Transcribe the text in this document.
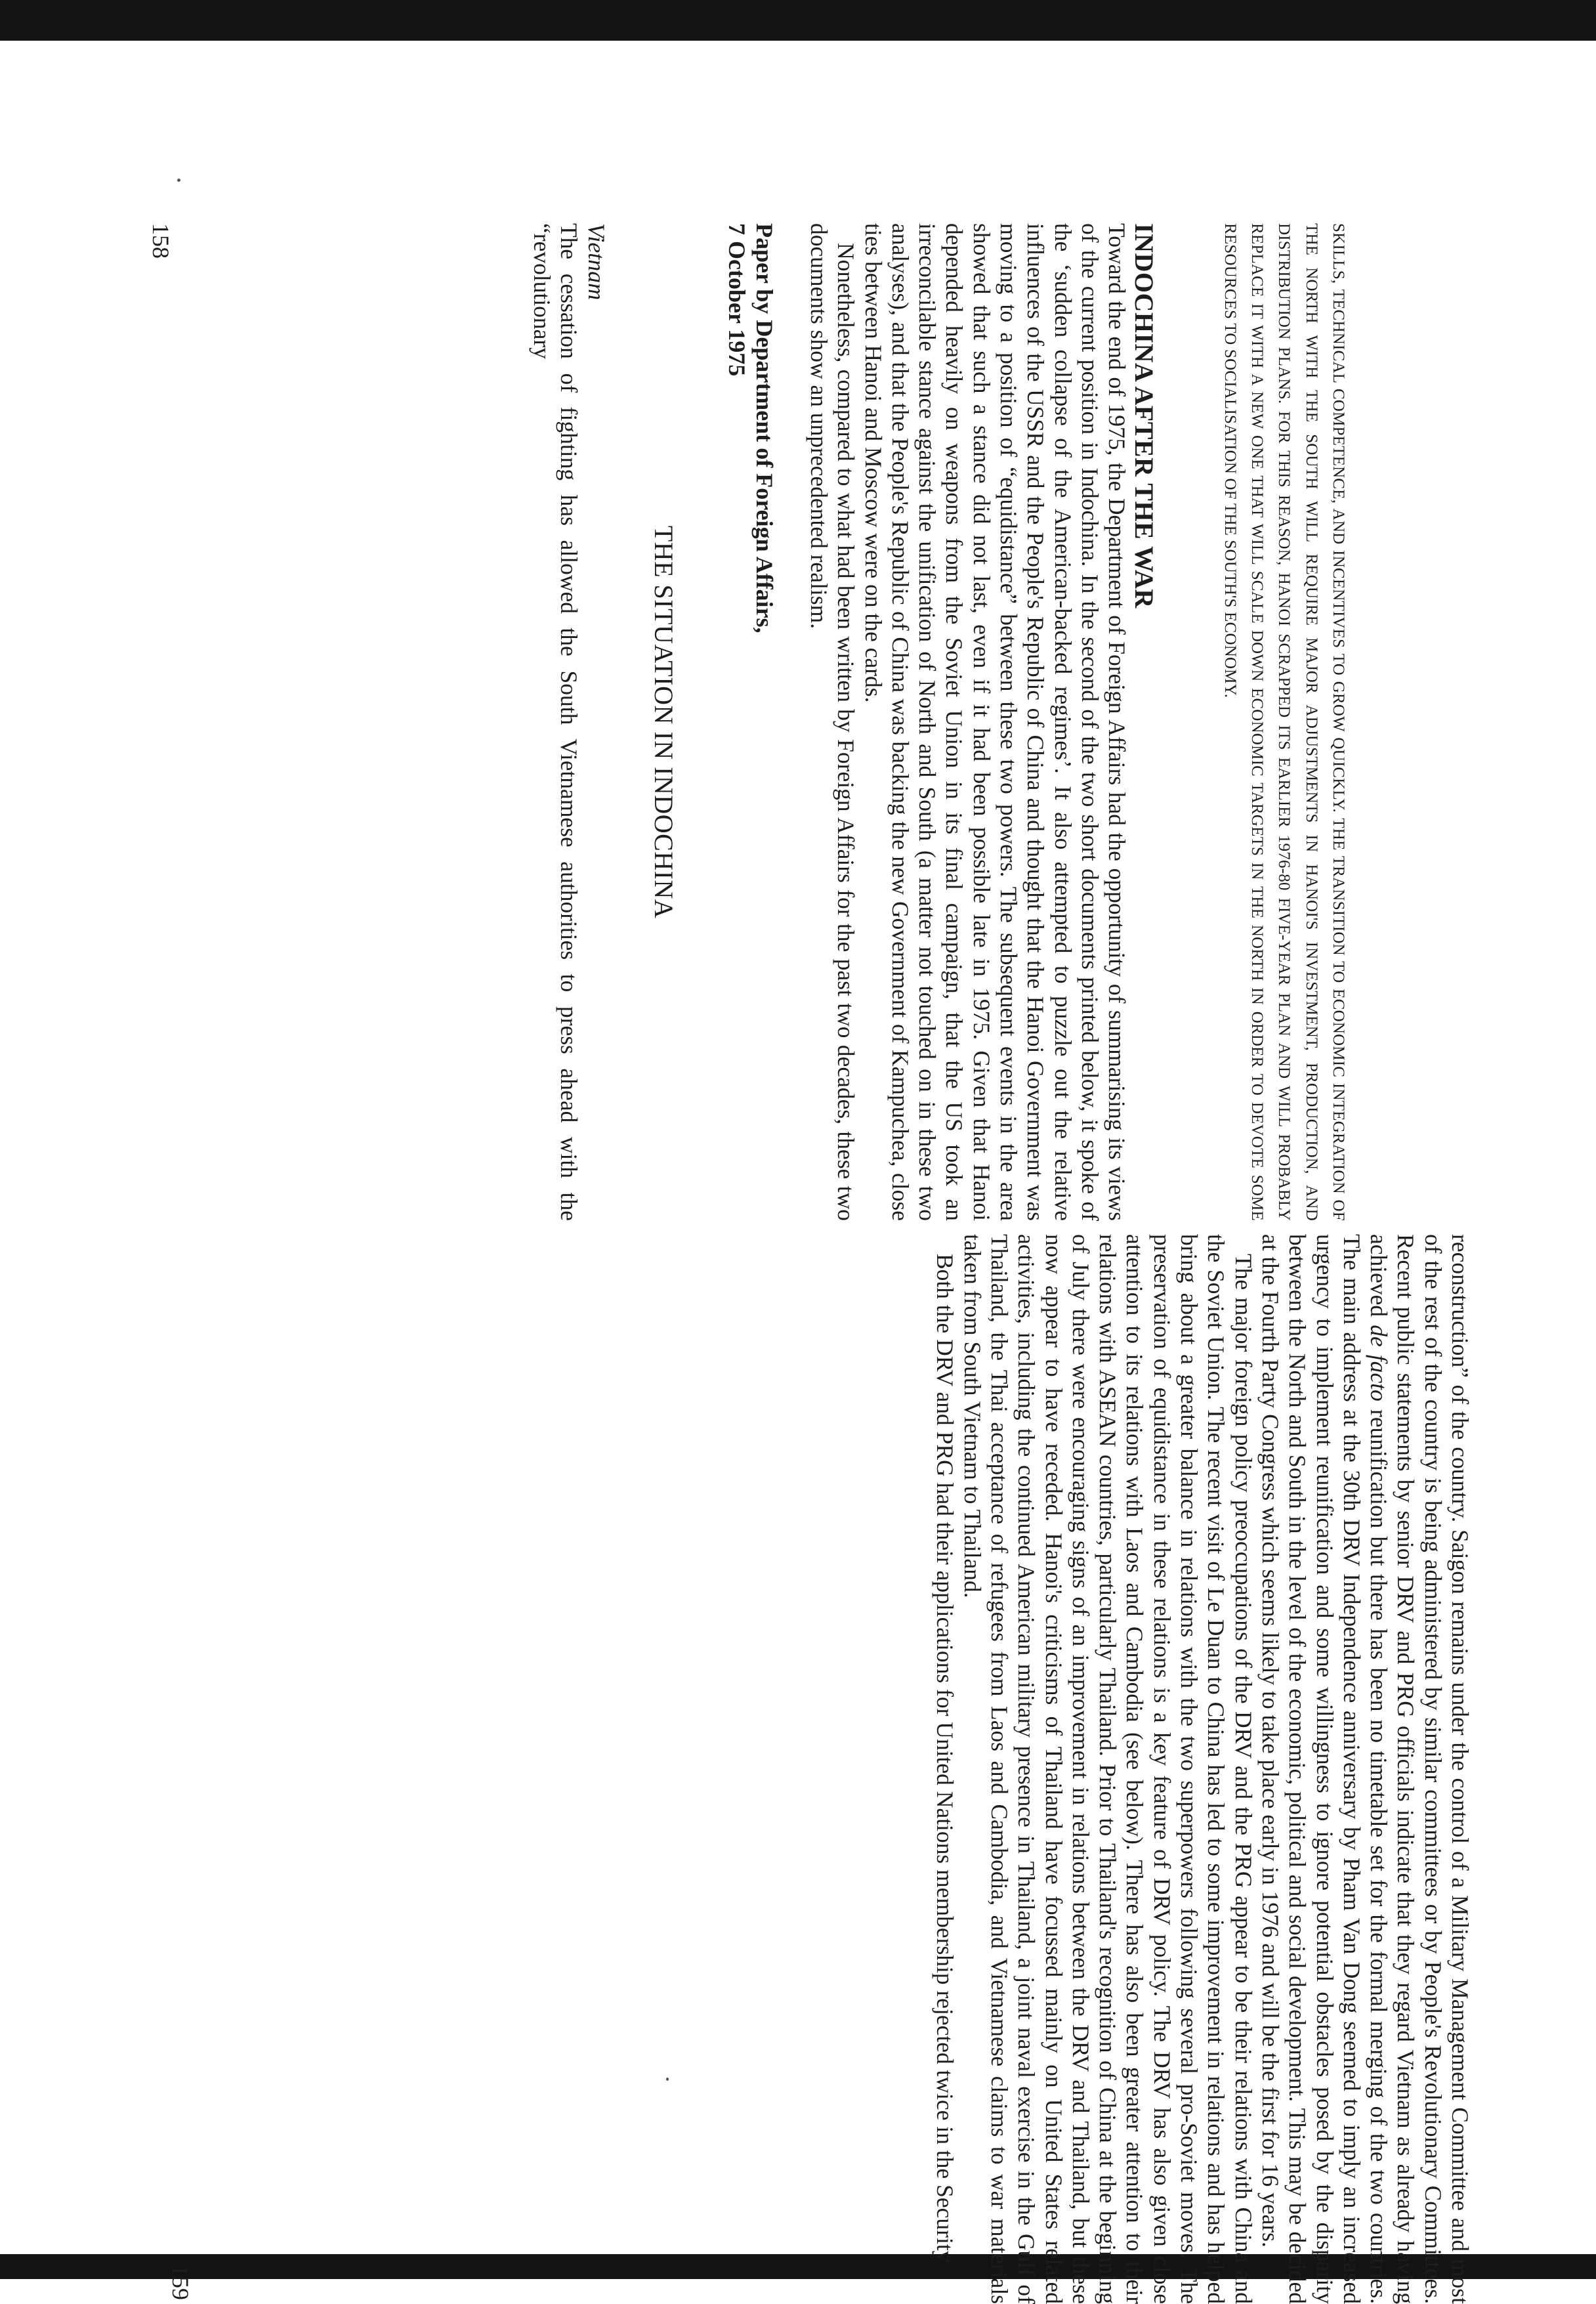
SKILLS, TECHNICAL COMPETENCE, AND INCENTIVES TO GROW QUICKLY. THE TRANSITION TO ECONOMIC INTEGRATION OF THE NORTH WITH THE SOUTH WILL REQUIRE MAJOR ADJUSTMENTS IN HANOI'S INVESTMENT, PRODUCTION, AND DISTRIBUTION PLANS. FOR THIS REASON, HANOI SCRAPPED ITS EARLIER 1976-80 FIVE-YEAR PLAN AND WILL PROBABLY REPLACE IT WITH A NEW ONE THAT WILL SCALE DOWN ECONOMIC TARGETS IN THE NORTH IN ORDER TO DEVOTE SOME RESOURCES TO SOCIALISATION OF THE SOUTH'S ECONOMY.

INDOCHINA AFTER THE WAR

Toward the end of 1975, the Department of Foreign Affairs had the opportunity of summarising its views of the current position in Indochina. In the second of the two short documents printed below, it spoke of the ‘sudden collapse of the American-backed regimes’. It also attempted to puzzle out the relative influences of the USSR and the People's Republic of China and thought that the Hanoi Government was moving to a position of “equidistance” between these two powers. The subsequent events in the area showed that such a stance did not last, even if it had been possible late in 1975. Given that Hanoi depended heavily on weapons from the Soviet Union in its final campaign, that the US took an irreconcilable stance against the unification of North and South (a matter not touched on in these two analyses), and that the People's Republic of China was backing the new Government of Kampuchea, close ties between Hanoi and Moscow were on the cards.

Nonetheless, compared to what had been written by Foreign Affairs for the past two decades, these two documents show an unprecedented realism.

Paper by Department of Foreign Affairs,

7 October 1975

THE SITUATION IN INDOCHINA

Vietnam

The cessation of fighting has allowed the South Vietnamese authorities to press ahead with the “revolutionary

158

reconstruction” of the country. Saigon remains under the control of a Military Management Committee and most of the rest of the country is being administered by similar committees or by People's Revolutionary Committees. Recent public statements by senior DRV and PRG officials indicate that they regard Vietnam as already having achieved de facto reunification but there has been no timetable set for the formal merging of the two countries. The main address at the 30th DRV Independence anniversary by Pham Van Dong seemed to imply an increased urgency to implement reunification and some willingness to ignore potential obstacles posed by the disparity between the North and South in the level of the economic, political and social development. This may be decided at the Fourth Party Congress which seems likely to take place early in 1976 and will be the first for 16 years.

The major foreign policy preoccupations of the DRV and the PRG appear to be their relations with China and the Soviet Union. The recent visit of Le Duan to China has led to some improvement in relations and has helped bring about a greater balance in relations with the two superpowers following several pro-Soviet moves. The preservation of equidistance in these relations is a key feature of DRV policy. The DRV has also given close attention to its relations with Laos and Cambodia (see below). There has also been greater attention to their relations with ASEAN countries, particularly Thailand. Prior to Thailand's recognition of China at the beginning of July there were encouraging signs of an improvement in relations between the DRV and Thailand, but these now appear to have receded. Hanoi's criticisms of Thailand have focussed mainly on United States related activities, including the continued American military presence in Thailand, a joint naval exercise in the Gulf of Thailand, the Thai acceptance of refugees from Laos and Cambodia, and Vietnamese claims to war materials taken from South Vietnam to Thailand.

Both the DRV and PRG had their applications for United Nations membership rejected twice in the Security

159
